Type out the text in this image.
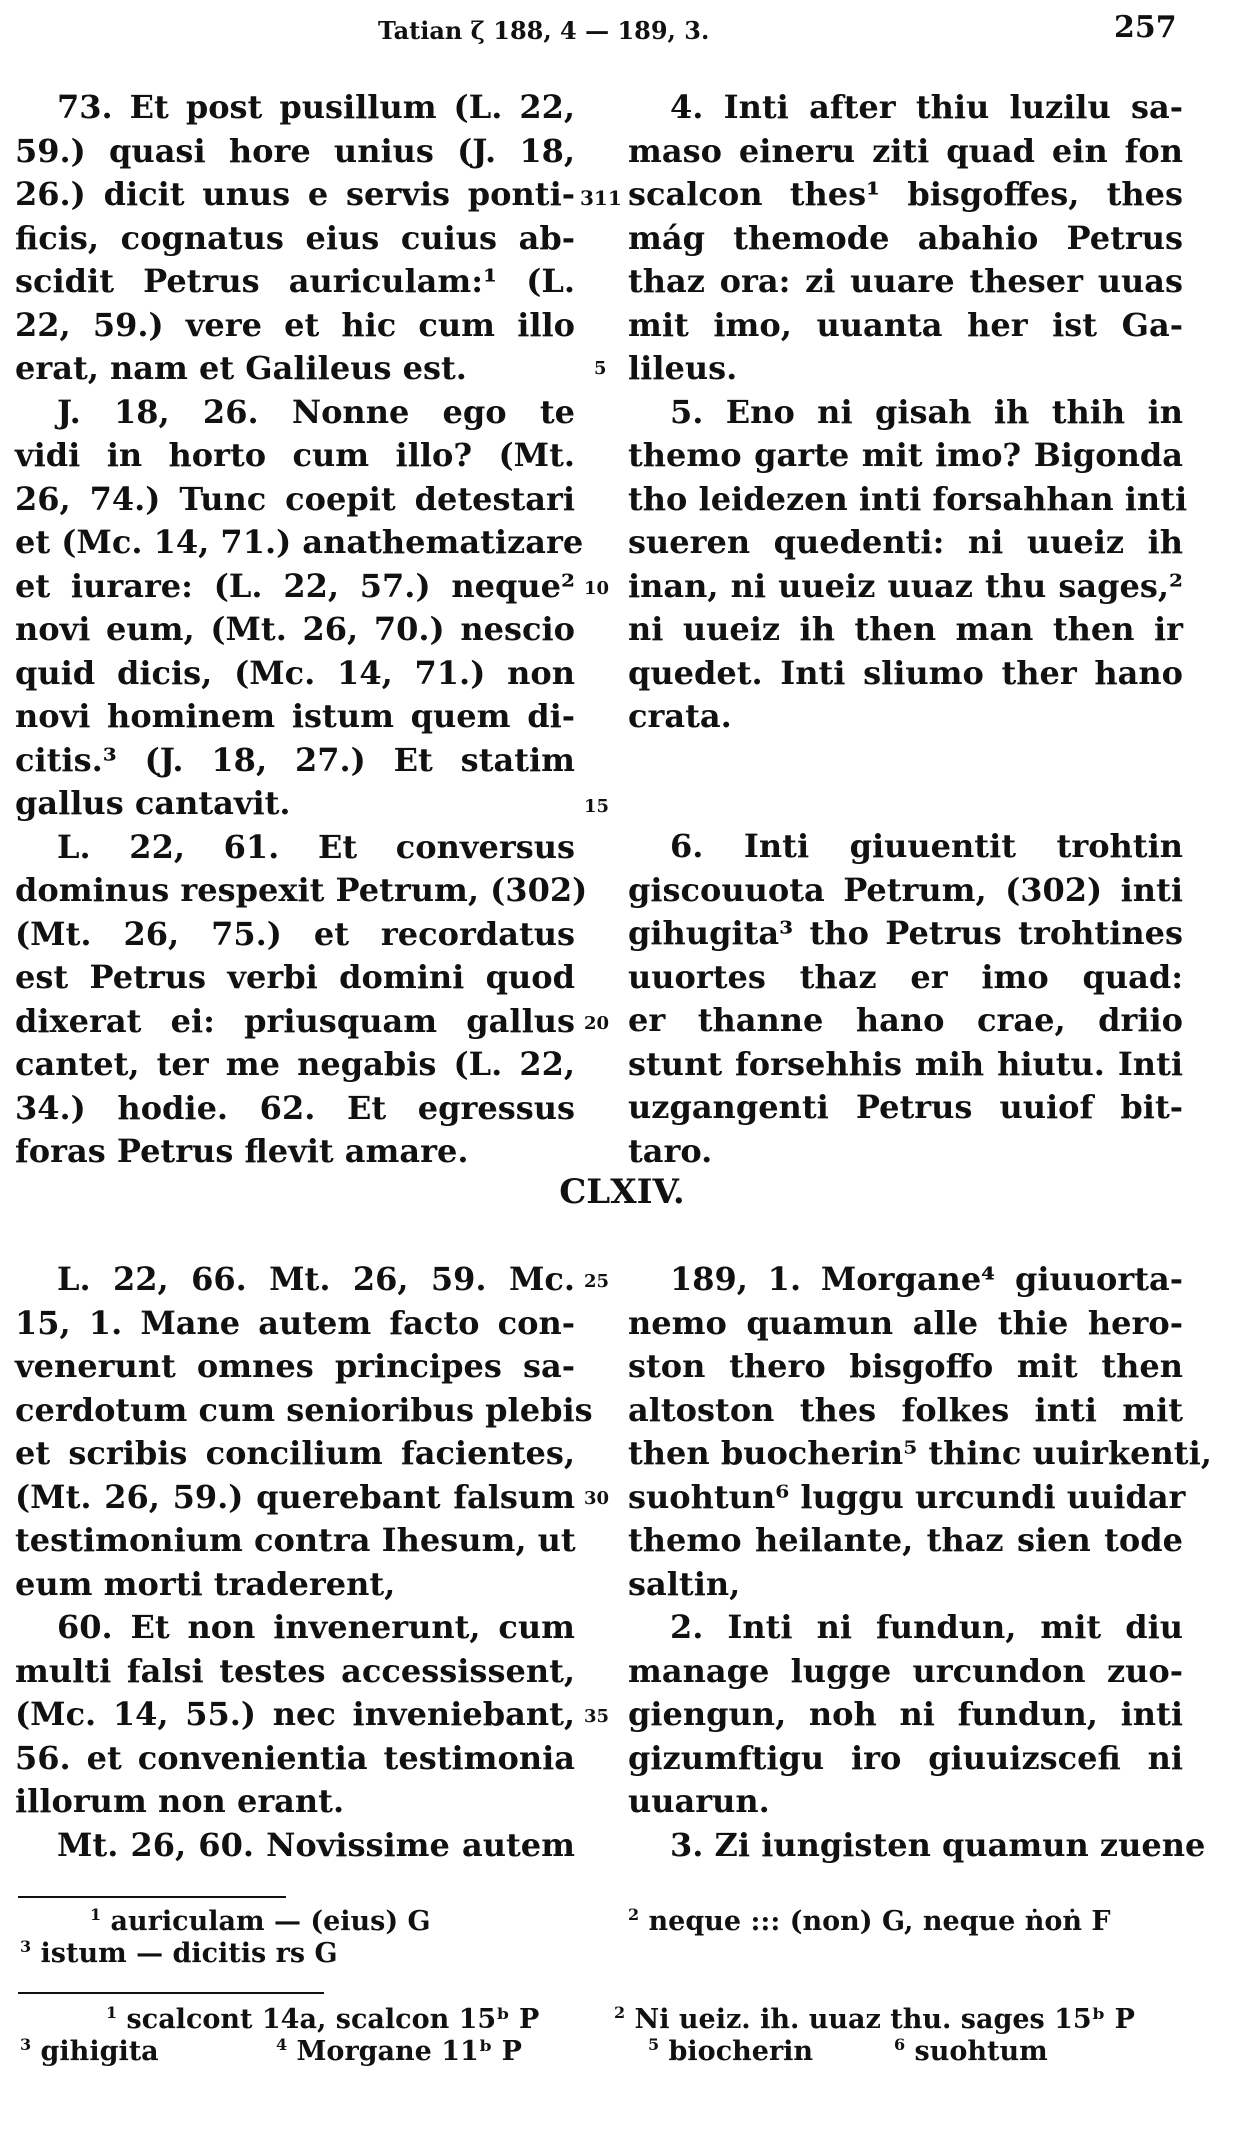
Tatian ζ 188, 4 — 189, 3.	257
73. Et post pusillum (L. 22,
59.) quasi hore unius (J. 18,
26.) dicit unus e servis ponti-
ficis, cognatus eius cuius ab-
scidit Petrus auriculam:¹ (L.
22, 59.) vere et hic cum illo
erat, nam et Galileus est.
J. 18, 26. Nonne ego te
vidi in horto cum illo? (Mt.
26, 74.) Tunc coepit detestari
et (Mc. 14, 71.) anathematizare
et iurare: (L. 22, 57.) neque²
novi eum, (Mt. 26, 70.) nescio
quid dicis, (Mc. 14, 71.) non
novi hominem istum quem di-
citis.³ (J. 18, 27.) Et statim
gallus cantavit.
L. 22, 61. Et conversus
dominus respexit Petrum, (302)
(Mt. 26, 75.) et recordatus
est Petrus verbi domini quod
dixerat ei: priusquam gallus
cantet, ter me negabis (L. 22,
34.) hodie. 62. Et egressus
foras Petrus flevit amare.
4. Inti after thiu luzilu sa-
maso eineru ziti quad ein fon
scalcon thes¹ bisgoffes, thes
mág themode abahio Petrus
thaz ora: zi uuare theser uuas
mit imo, uuanta her ist Ga-
lileus.
5. Eno ni gisah ih thih in
themo garte mit imo? Bigonda
tho leidezen inti forsahhan inti
sueren quedenti: ni uueiz ih
inan, ni uueiz uuaz thu sages,²
ni uueiz ih then man then ir
quedet. Inti sliumo ther hano
crata.
6. Inti giuuentit trohtin
giscouuota Petrum, (302) inti
gihugita³ tho Petrus trohtines
uuortes thaz er imo quad:
er thanne hano crae, driio
stunt forsehhis mih hiutu. Inti
uzgangenti Petrus uuiof bit-
taro.
5
10
15
20
25
30
35
311
CLXIV.
L. 22, 66. Mt. 26, 59. Mc.
15, 1. Mane autem facto con-
venerunt omnes principes sa-
cerdotum cum senioribus plebis
et scribis concilium facientes,
(Mt. 26, 59.) querebant falsum
testimonium contra Ihesum, ut
eum morti traderent,
60. Et non invenerunt, cum
multi falsi testes accessissent,
(Mc. 14, 55.) nec inveniebant,
56. et convenientia testimonia
illorum non erant.
Mt. 26, 60. Novissime autem
189, 1. Morgane⁴ giuuorta-
nemo quamun alle thie hero-
ston thero bisgoffo mit then
altoston thes folkes inti mit
then buocherin⁵ thinc uuirkenti,
suohtun⁶ luggu urcundi uuidar
themo heilante, thaz sien tode
saltin,
2. Inti ni fundun, mit diu
manage lugge urcundon zuo-
giengun, noh ni fundun, inti
gizumftigu iro giuuizscefi ni
uuarun.
3. Zi iungisten quamun zuene
$^1$ auriculam — (eius) G
$^3$ istum — dicitis rs G
$^2$ neque ::: (non) G, neque ṅoṅ F
$^1$ scalcont 14a, scalcon 15ᵇ P	$^2$ Ni ueiz. ih. uuaz thu. sages 15ᵇ P
$^3$ gihigita	$^4$ Morgane 11ᵇ P	$^5$ biocherin	$^6$ suohtum
